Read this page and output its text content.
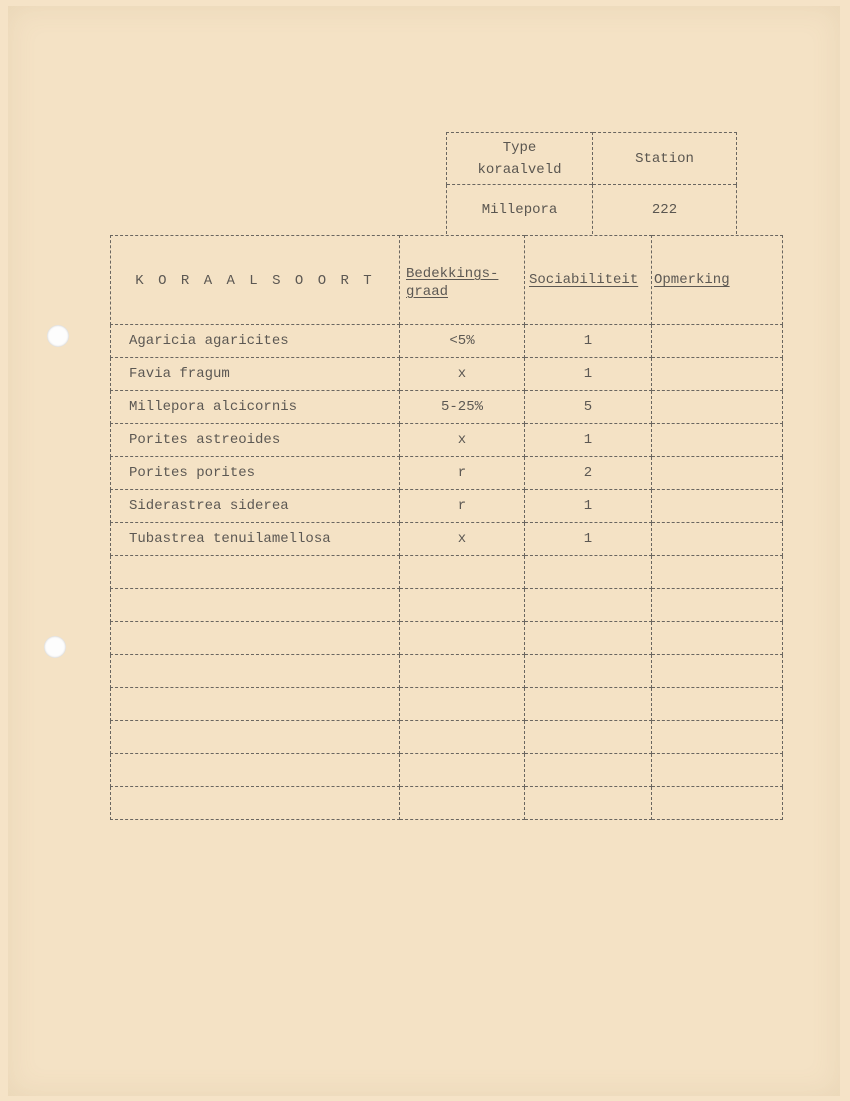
Type
koraalveld	Station
Millepora	222
K O R A A L S O O R T	Bedekkings-graad	Sociabiliteit	Opmerking
Agaricia agaricites	<5%	1	
Favia fragum	x	1	
Millepora alcicornis	5-25%	5	
Porites astreoides	x	1	
Porites porites	r	2	
Siderastrea siderea	r	1	
Tubastrea tenuilamellosa	x	1	
